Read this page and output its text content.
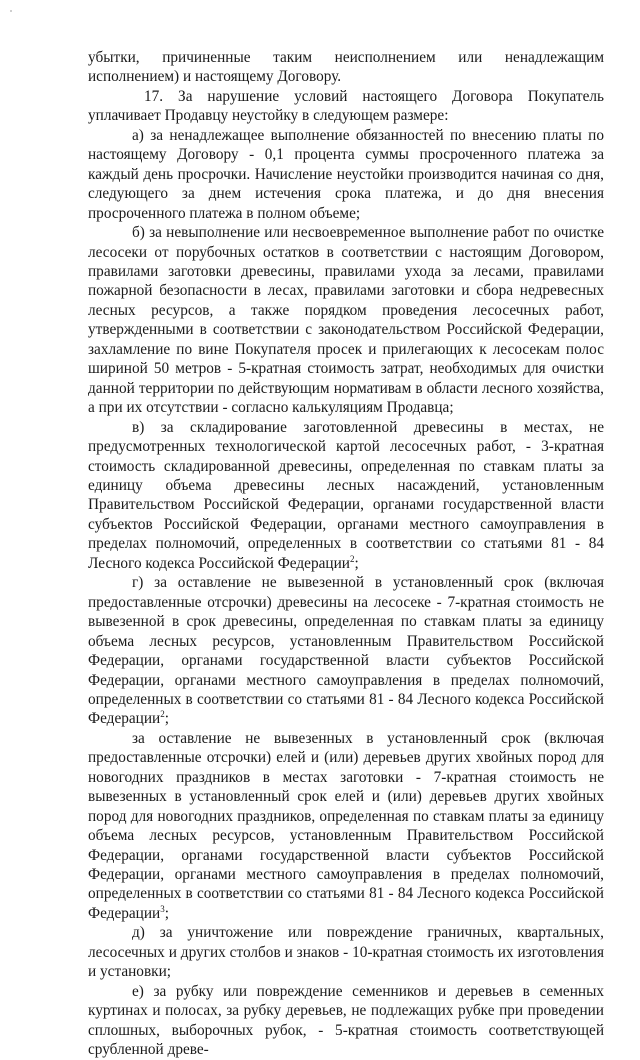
убытки, причиненные таким неисполнением или ненадлежащим исполнением) и настоящему Договору.

17. За нарушение условий настоящего Договора Покупатель уплачивает Продавцу неустойку в следующем размере:

а) за ненадлежащее выполнение обязанностей по внесению платы по настоящему Договору - 0,1 процента суммы просроченного платежа за каждый день просрочки. Начисление неустойки производится начиная со дня, следующего за днем истечения срока платежа, и до дня внесения просроченного платежа в полном объеме;

б) за невыполнение или несвоевременное выполнение работ по очистке лесосеки от порубочных остатков в соответствии с настоящим Договором, правилами заготовки древесины, правилами ухода за лесами, правилами пожарной безопасности в лесах, правилами заготовки и сбора недревесных лесных ресурсов, а также порядком проведения лесосечных работ, утвержденными в соответствии с законодательством Российской Федерации, захламление по вине Покупателя просек и прилегающих к лесосекам полос шириной 50 метров - 5-кратная стоимость затрат, необходимых для очистки данной территории по действующим нормативам в области лесного хозяйства, а при их отсутствии - согласно калькуляциям Продавца;

в) за складирование заготовленной древесины в местах, не предусмотренных технологической картой лесосечных работ, - 3-кратная стоимость складированной древесины, определенная по ставкам платы за единицу объема древесины лесных насаждений, установленным Правительством Российской Федерации, органами государственной власти субъектов Российской Федерации, органами местного самоуправления в пределах полномочий, определенных в соответствии со статьями 81 - 84 Лесного кодекса Российской Федерации$^2$;

г) за оставление не вывезенной в установленный срок (включая предоставленные отсрочки) древесины на лесосеке - 7-кратная стоимость не вывезенной в срок древесины, определенная по ставкам платы за единицу объема лесных ресурсов, установленным Правительством Российской Федерации, органами государственной власти субъектов Российской Федерации, органами местного самоуправления в пределах полномочий, определенных в соответствии со статьями 81 - 84 Лесного кодекса Российской Федерации$^2$;

за оставление не вывезенных в установленный срок (включая предоставленные отсрочки) елей и (или) деревьев других хвойных пород для новогодних праздников в местах заготовки - 7-кратная стоимость не вывезенных в установленный срок елей и (или) деревьев других хвойных пород для новогодних праздников, определенная по ставкам платы за единицу объема лесных ресурсов, установленным Правительством Российской Федерации, органами государственной власти субъектов Российской Федерации, органами местного самоуправления в пределах полномочий, определенных в соответствии со статьями 81 - 84 Лесного кодекса Российской Федерации$^3$;

д) за уничтожение или повреждение граничных, квартальных, лесосечных и других столбов и знаков - 10-кратная стоимость их изготовления и установки;

е) за рубку или повреждение семенников и деревьев в семенных куртинах и полосах, за рубку деревьев, не подлежащих рубке при проведении сплошных, выборочных рубок, - 5-кратная стоимость соответствующей срубленной древе-
